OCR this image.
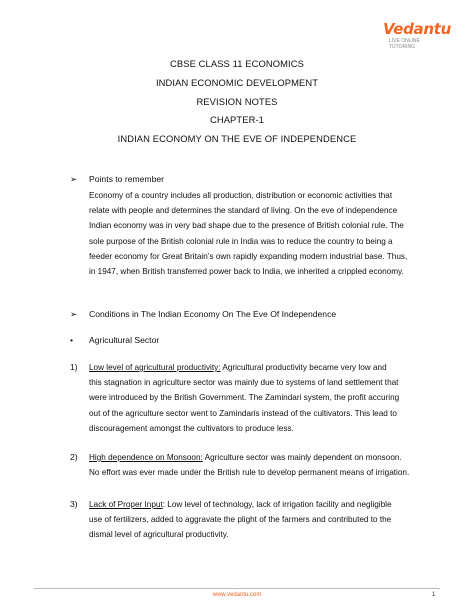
Vedantu
LIVE ONLINE TUTORING
CBSE CLASS 11 ECONOMICS
INDIAN ECONOMIC DEVELOPMENT
REVISION NOTES
CHAPTER-1
INDIAN ECONOMY ON THE EVE OF INDEPENDENCE
➢ Points to remember
Economy of a country includes all production, distribution or economic activities that
relate with people and determines the standard of living. On the eve of independence
Indian economy was in very bad shape due to the presence of British colonial rule. The
sole purpose of the British colonial rule in India was to reduce the country to being a
feeder economy for Great Britain’s own rapidly expanding modern industrial base. Thus,
in 1947, when British transferred power back to India, we inherited a crippled economy.
➢ Conditions in The Indian Economy On The Eve Of Independence
• Agricultural Sector
1) Low level of agricultural productivity: Agricultural productivity became very low and
this stagnation in agriculture sector was mainly due to systems of land settlement that
were introduced by the British Government. The Zamindari system, the profit accuring
out of the agriculture sector went to Zamindaris instead of the cultivators. This lead to
discouragement amongst the cultivators to produce less.
2) High dependence on Monsoon: Agriculture sector was mainly dependent on monsoon.
No effort was ever made under the British rule to develop permanent means of irrigation.
3) Lack of Proper Input: Low level of technology, lack of irrigation facility and negligible
use of fertilizers, added to aggravate the plight of the farmers and contributed to the
dismal level of agricultural productivity.
www.vedantu.com	1
